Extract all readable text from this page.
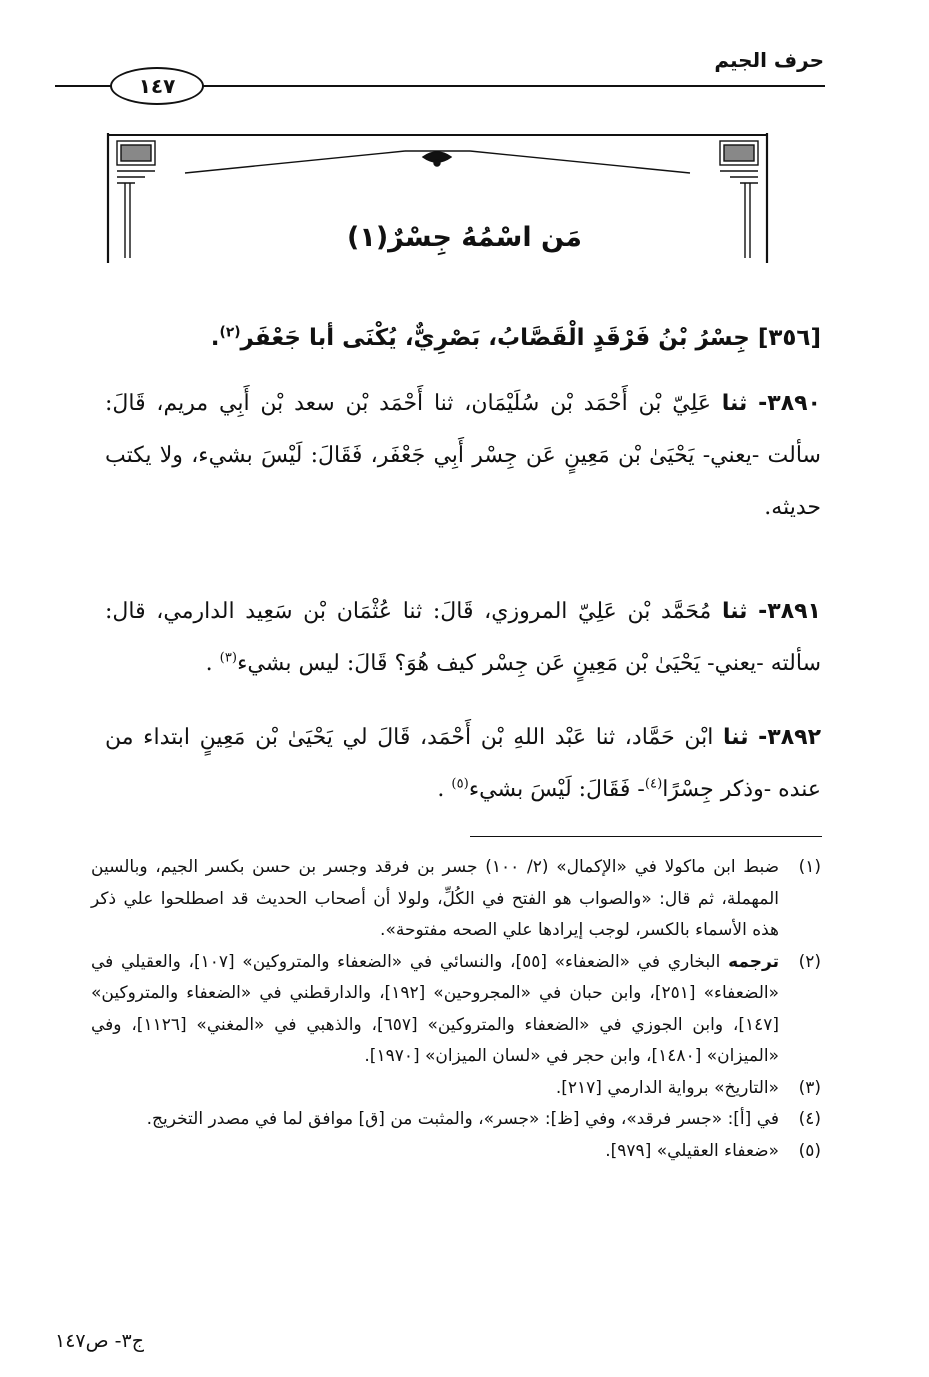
حرف الجيم
١٤٧
مَن اسْمُهُ جِسْرٌ(١)
[٣٥٦] جِسْرُ بْنُ فَرْقَدٍ الْقَصَّابُ، بَصْرِيٌّ، يُكْنَى أبا جَعْفَر$^{(٢)}$.
٣٨٩٠- ثنا عَلِيّ بْن أَحْمَد بْن سُلَيْمَان، ثنا أَحْمَد بْن سعد بْن أَبِي مريم، قَالَ: سألت -يعني- يَحْيَىٰ بْن مَعِينٍ عَن جِسْر أَبِي جَعْفَر، فَقَالَ: لَيْسَ بشيء، ولا يكتب حديثه.
٣٨٩١- ثنا مُحَمَّد بْن عَلِيّ المروزي، قَالَ: ثنا عُثْمَان بْن سَعِيد الدارمي، قال: سألته -يعني- يَحْيَىٰ بْن مَعِينٍ عَن جِسْر كيف هُوَ؟ قَالَ: ليس بشيء$^{(٣)}$ .
٣٨٩٢- ثنا ابْن حَمَّاد، ثنا عَبْد اللهِ بْن أَحْمَد، قَالَ لي يَحْيَىٰ بْن مَعِينٍ ابتداء من عنده -وذكر جِسْرًا$^{(٤)}$- فَقَالَ: لَيْسَ بشيء$^{(٥)}$ .
(١)
ضبط ابن ماكولا في «الإكمال» (٢/ ١٠٠) جسر بن فرقد وجسر بن حسن بكسر الجيم، وبالسين المهملة، ثم قال: «والصواب هو الفتح في الكُلِّ، ولولا أن أصحاب الحديث قد اصطلحوا علي ذكر هذه الأسماء بالكسر، لوجب إيرادها علي الصحه مفتوحة».
(٢)
ترجمه البخاري في «الضعفاء» [٥٥]، والنسائي في «الضعفاء والمتروكين» [١٠٧]، والعقيلي في «الضعفاء» [٢٥١]، وابن حبان في «المجروحين» [١٩٢]، والدارقطني في «الضعفاء والمتروكين» [١٤٧]، وابن الجوزي في «الضعفاء والمتروكين» [٦٥٧]، والذهبي في «المغني» [١١٢٦]، وفي «الميزان» [١٤٨٠]، وابن حجر في «لسان الميزان» [١٩٧٠].
(٣)
«التاريخ» برواية الدارمي [٢١٧].
(٤)
في [أ]: «جسر فرقد»، وفي [ظ]: «جسر»، والمثبت من [ق] موافق لما في مصدر التخريج.
(٥)
«ضعفاء العقيلي» [٩٧٩].
ج٣- ص١٤٧
